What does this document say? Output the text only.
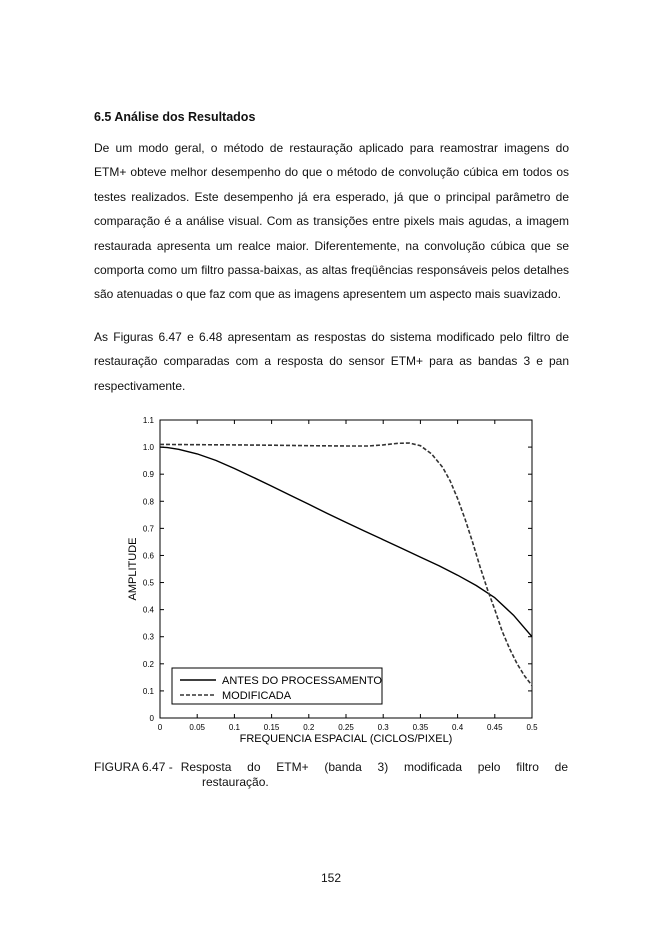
6.5 Análise dos Resultados

De um modo geral, o método de restauração aplicado para reamostrar imagens do ETM+ obteve melhor desempenho do que o método de convolução cúbica em todos os testes realizados. Este desempenho já era esperado, já que o principal parâmetro de comparação é a análise visual. Com as transições entre pixels mais agudas, a imagem restaurada apresenta um realce maior. Diferentemente, na convolução cúbica que se comporta como um filtro passa-baixas, as altas freqüências responsáveis pelos detalhes são atenuadas o que faz com que as imagens apresentem um aspecto mais suavizado.

As Figuras 6.47 e 6.48 apresentam as respostas do sistema modificado pelo filtro de restauração comparadas com a resposta do sensor ETM+ para as bandas 3 e pan respectivamente.

0	0.05	0.1	0.15	0.2	0.25	0.3	0.35	0.4	0.45	0.5
0
0.1
0.2
0.3
0.4
0.5
0.6
0.7
0.8
0.9
1.0
1.1
ANTES DO PROCESSAMENTO
MODIFICADA
FREQUENCIA ESPACIAL (CICLOS/PIXEL)
AMPLITUDE
FIGURA 6.47 - Resposta do ETM+ (banda 3) modificada pelo filtro de
restauração.
152
